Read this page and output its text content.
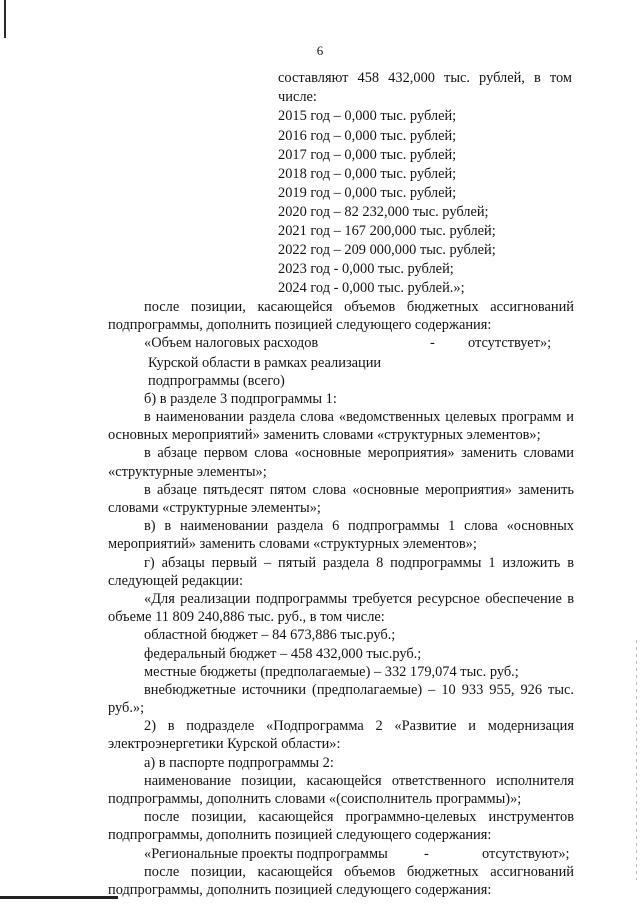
6
составляют 458 432,000 тыс. рублей, в том
числе:
2015 год – 0,000 тыс. рублей;
2016 год – 0,000 тыс. рублей;
2017 год – 0,000 тыс. рублей;
2018 год – 0,000 тыс. рублей;
2019 год – 0,000 тыс. рублей;
2020 год – 82 232,000 тыс. рублей;
2021 год – 167 200,000 тыс. рублей;
2022 год – 209 000,000 тыс. рублей;
2023 год - 0,000 тыс. рублей;
2024 год - 0,000 тыс. рублей.»;
после позиции, касающейся объемов бюджетных ассигнований
подпрограммы, дополнить позицией следующего содержания:
«Объем налоговых расходов	- отсутствует»;
Курской области в рамках реализации
подпрограммы (всего)
б) в разделе 3 подпрограммы 1:
в наименовании раздела слова «ведомственных целевых программ и
основных мероприятий» заменить словами «структурных элементов»;
в абзаце первом слова «основные мероприятия» заменить словами
«структурные элементы»;
в абзаце пятьдесят пятом слова «основные мероприятия» заменить
словами «структурные элементы»;
в) в наименовании раздела 6 подпрограммы 1 слова «основных
мероприятий» заменить словами «структурных элементов»;
г) абзацы первый – пятый раздела 8 подпрограммы 1 изложить в
следующей редакции:
«Для реализации подпрограммы требуется ресурсное обеспечение в
объеме 11 809 240,886 тыс. руб., в том числе:
областной бюджет – 84 673,886 тыс.руб.;
федеральный бюджет – 458 432,000 тыс.руб.;
местные бюджеты (предполагаемые) – 332 179,074 тыс. руб.;
внебюджетные источники (предполагаемые) – 10 933 955, 926 тыс.
руб.»;
2) в подразделе «Подпрограмма 2 «Развитие и модернизация
электроэнергетики Курской области»:
а) в паспорте подпрограммы 2:
наименование позиции, касающейся ответственного исполнителя
подпрограммы, дополнить словами «(соисполнитель программы)»;
после позиции, касающейся программно-целевых инструментов
подпрограммы, дополнить позицией следующего содержания:
«Региональные проекты подпрограммы	-	отсутствуют»;
после позиции, касающейся объемов бюджетных ассигнований
подпрограммы, дополнить позицией следующего содержания:
